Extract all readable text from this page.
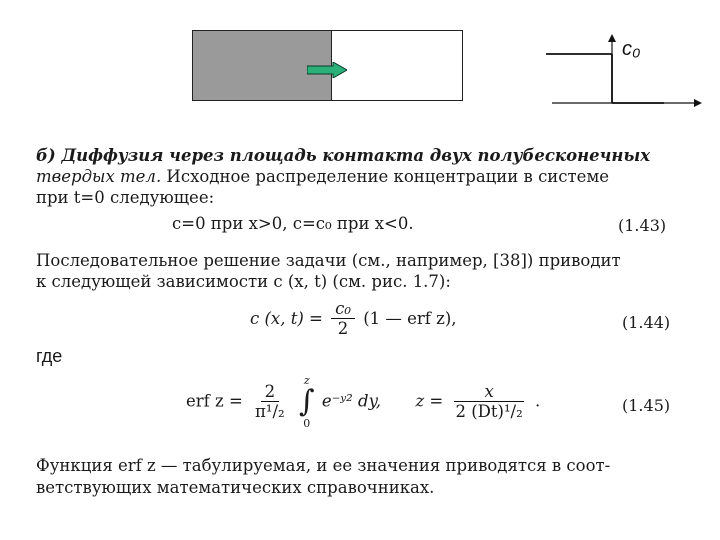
c₀
б) Диффузия через площадь контакта двух полубесконечных
твердых тел. Исходное распределение концентрации в системе
при t=0 следующее:
c=0 при x>0, c=c₀ при x<0.	(1.43)
Последовательное решение задачи (см., например, [38]) приводит
к следующей зависимости c (x, t) (см. рис. 1.7):
c (x, $t) = \frac{\text{c₀}}{2} (1$ — erf z),	(1.44)
где
erf $z = \frac{2}{\text{π¹/₂}}$

z
∫
0
e⁻ʸ² dy, $z = \frac{x}{\text{2 (Dt)¹/₂}}$ .	(1.45)
Функция erf z — табулируемая, и ее значения приводятся в соот-
ветствующих математических справочниках.
